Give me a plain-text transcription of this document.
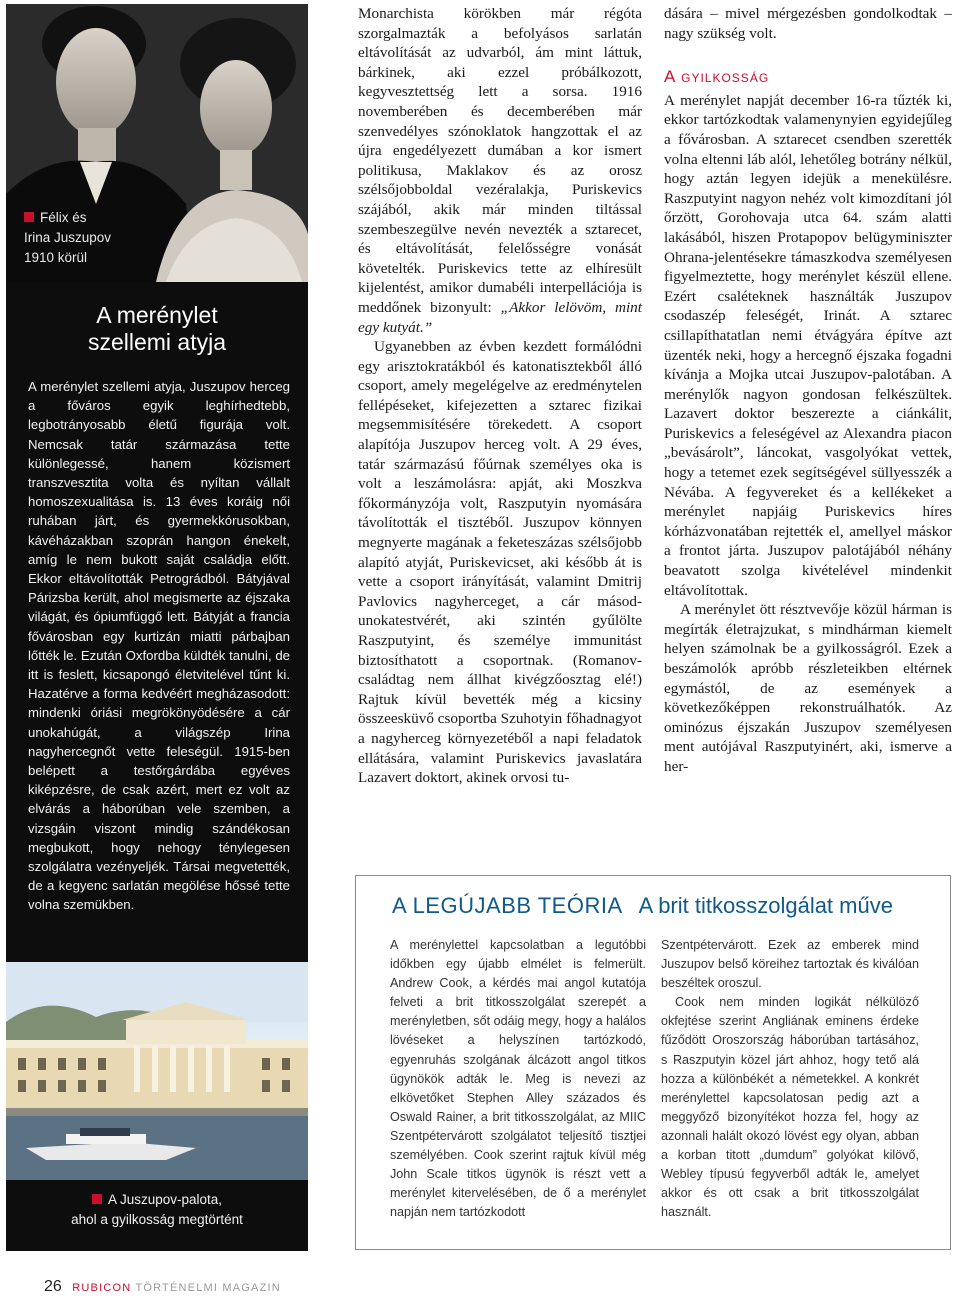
Félix és
Irina Juszupov
1910 körül
A merénylet
szellemi atyja

A merénylet szellemi atyja, Juszupov herceg a főváros egyik leghírhedtebb, legbotrányosabb életű figurája volt. Nemcsak tatár származása tette különlegessé, hanem közismert transzvesztita volta és nyíltan vállalt homoszexualitása is. 13 éves koráig női ruhában járt, és gyermekkórusokban, kávéházakban szoprán hangon énekelt, amíg le nem bukott saját családja előtt. Ekkor eltávolították Petrográdból. Bátyjával Párizsba került, ahol megismerte az éjszaka világát, és ópiumfüggő lett. Bátyját a francia fővárosban egy kurtizán miatti párbajban lőtték le. Ezután Oxfordba küldték tanulni, de itt is feslett, kicsapongó életvitelével tűnt ki. Hazatérve a forma kedvéért megházasodott: mindenki óriási megrökönyödésére a cár unokahúgát, a világszép Irina nagyhercegnőt vette feleségül. 1915-ben belépett a testőrgárdába egyéves kiképzésre, de csak azért, mert ez volt az elvárás a háborúban vele szemben, a vizsgáin viszont mindig szándékosan megbukott, hogy nehogy ténylegesen szolgálatra vezényeljék. Társai megvetették, de a kegyenc sarlatán megölése hőssé tette volna szemükben.

A Juszupov-palota,
ahol a gyilkosság megtörtént

Monarchista körökben már régóta szorgalmazták a befolyásos sarlatán eltávolítását az udvarból, ám mint láttuk, bárkinek, aki ezzel próbálkozott, kegyvesztettség lett a sorsa. 1916 novemberében és decemberében már szenvedélyes szónoklatok hangzottak el az újra engedélyezett dumában a kor ismert politikusa, Maklakov és az orosz szélsőjobboldal vezéralakja, Puriskevics szájából, akik már minden tiltással szembeszegülve nevén nevezték a sztarecet, és eltávolítását, felelősségre vonását követelték. Puriskevics tette az elhíresült kijelentést, amikor dumabéli interpellációja is meddőnek bizonyult: „Akkor lelövöm, mint egy kutyát.”

Ugyanebben az évben kezdett formálódni egy arisztokratákból és katonatisztekből álló csoport, amely megelégelve az eredménytelen fellépéseket, kifejezetten a sztarec fizikai megsemmisítésére törekedett. A csoport alapítója Juszupov herceg volt. A 29 éves, tatár származású főúrnak személyes oka is volt a leszámolásra: apját, aki Moszkva főkormányzója volt, Raszputyin nyomására távolították el tisztéből. Juszupov könnyen megnyerte magának a feketeszázas szélsőjobb alapító atyját, Puriskevicset, aki később át is vette a csoport irányítását, valamint Dmitrij Pavlovics nagyherceget, a cár másod-unokatestvérét, aki szintén gyűlölte Raszputyint, és személye immunitást biztosíthatott a csoportnak. (Romanov-családtag nem állhat kivégzőosztag elé!) Rajtuk kívül bevették még a kicsiny összeesküvő csoportba Szuhotyin főhadnagyot a nagyherceg környezetéből a napi feladatok ellátására, valamint Puriskevics javaslatára Lazavert doktort, akinek orvosi tu-

dására – mivel mérgezésben gondolkodtak – nagy szükség volt.

A gyilkosság

A merénylet napját december 16-ra tűzték ki, ekkor tartózkodtak valamenynyien egyidejűleg a fővárosban. A sztarecet csendben szerették volna eltenni láb alól, lehetőleg botrány nélkül, hogy aztán legyen idejük a menekülésre. Raszputyint nagyon nehéz volt kimozdítani jól őrzött, Gorohovaja utca 64. szám alatti lakásából, hiszen Protapopov belügyminiszter Ohrana-jelentésekre támaszkodva személyesen figyelmeztette, hogy merénylet készül ellene. Ezért csaléteknek használták Juszupov csodaszép feleségét, Irinát. A sztarec csillapíthatatlan nemi étvágyára építve azt üzenték neki, hogy a hercegnő éjszaka fogadni kívánja a Mojka utcai Juszupov-palotában. A merénylők nagyon gondosan felkészültek. Lazavert doktor beszerezte a ciánkálit, Puriskevics a feleségével az Alexandra piacon „bevásárolt”, láncokat, vasgolyókat vettek, hogy a tetemet ezek segítségével süllyesszék a Névába. A fegyvereket és a kellékeket a merénylet napjáig Puriskevics híres kórházvonatában rejtették el, amellyel máskor a frontot járta. Juszupov palotájából néhány beavatott szolga kivételével mindenkit eltávolítottak.

A merénylet ött résztvevője közül hárman is megírták életrajzukat, s mindhárman kiemelt helyen számolnak be a gyilkosságról. Ezek a beszámolók apróbb részleteikben eltérnek egymástól, de az események a következőképpen rekonstruálhatók. Az ominózus éjszakán Juszupov személyesen ment autójával Raszputyinért, aki, ismerve a her-

A LEGÚJABB TEÓRIA A brit titkosszolgálat műve

A merénylettel kapcsolatban a legutóbbi időkben egy újabb elmélet is felmerült. Andrew Cook, a kérdés mai angol kutatója felveti a brit titkosszolgálat szerepét a merényletben, sőt odáig megy, hogy a halálos lövéseket a helyszínen tartózkodó, egyenruhás szolgának álcázott angol titkos ügynökök adták le. Meg is nevezi az elkövetőket Stephen Alley százados és Oswald Rainer, a brit titkosszolgálat, az MIIC Szentpétervárott szolgálatot teljesítő tisztjei személyében. Cook szerint rajtuk kívül még John Scale titkos ügynök is részt vett a merénylet kitervelésében, de ő a merénylet napján nem tartózkodott

Szentpétervárott. Ezek az emberek mind Juszupov belső köreihez tartoztak és kiválóan beszéltek oroszul.

Cook nem minden logikát nélkülöző okfejtése szerint Angliának eminens érdeke fűződött Oroszország háborúban tartásához, s Raszputyin közel járt ahhoz, hogy tető alá hozza a különbékét a németekkel. A konkrét merénylettel kapcsolatosan pedig azt a meggyőző bizonyítékot hozza fel, hogy az azonnali halált okozó lövést egy olyan, abban a korban titott „dumdum” golyókat kilövő, Webley típusú fegyverből adták le, amelyet akkor és ott csak a brit titkosszolgálat használt.

26 RUBICON TÖRTÉNELMI MAGAZIN
